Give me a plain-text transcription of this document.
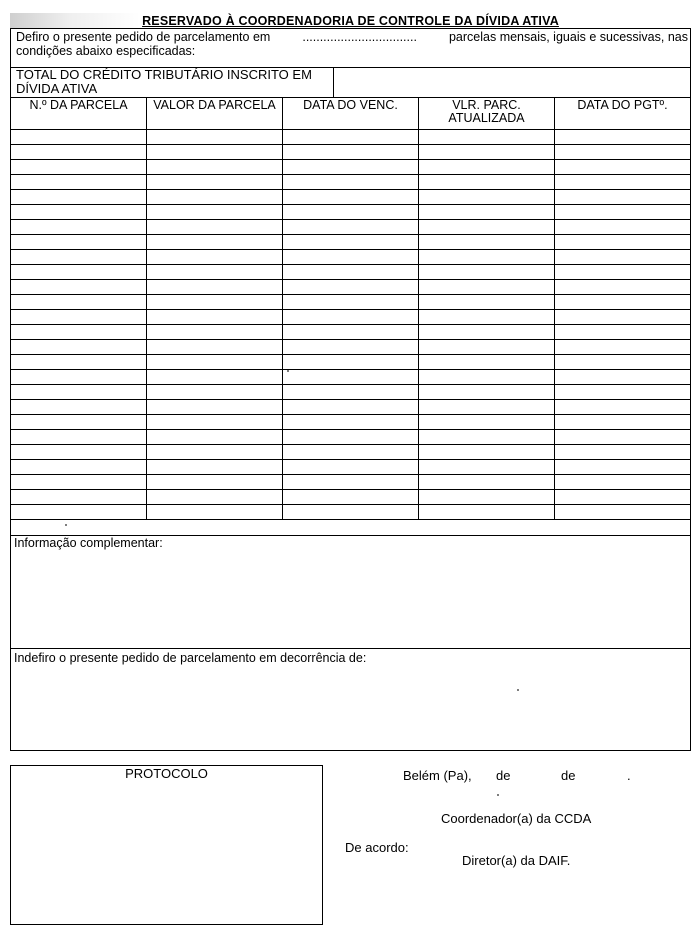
RESERVADO À COORDENADORIA DE CONTROLE DA DÍVIDA ATIVA
Defiro o presente pedido de parcelamento em	.................................	parcelas mensais, iguais e sucessivas, nas
condições abaixo especificadas:
TOTAL DO CRÉDITO TRIBUTÁRIO INSCRITO EM
DÍVIDA ATIVA
N.º DA PARCELA	VALOR DA PARCELA	DATA DO VENC.	VLR. PARC. ATUALIZADA	DATA DO PGTº.

Informação complementar:
Indefiro o presente pedido de parcelamento em decorrência de:
PROTOCOLO	Belém (Pa), de	de	.
Coordenador(a) da CCDA
De acordo:
Diretor(a) da DAIF.
